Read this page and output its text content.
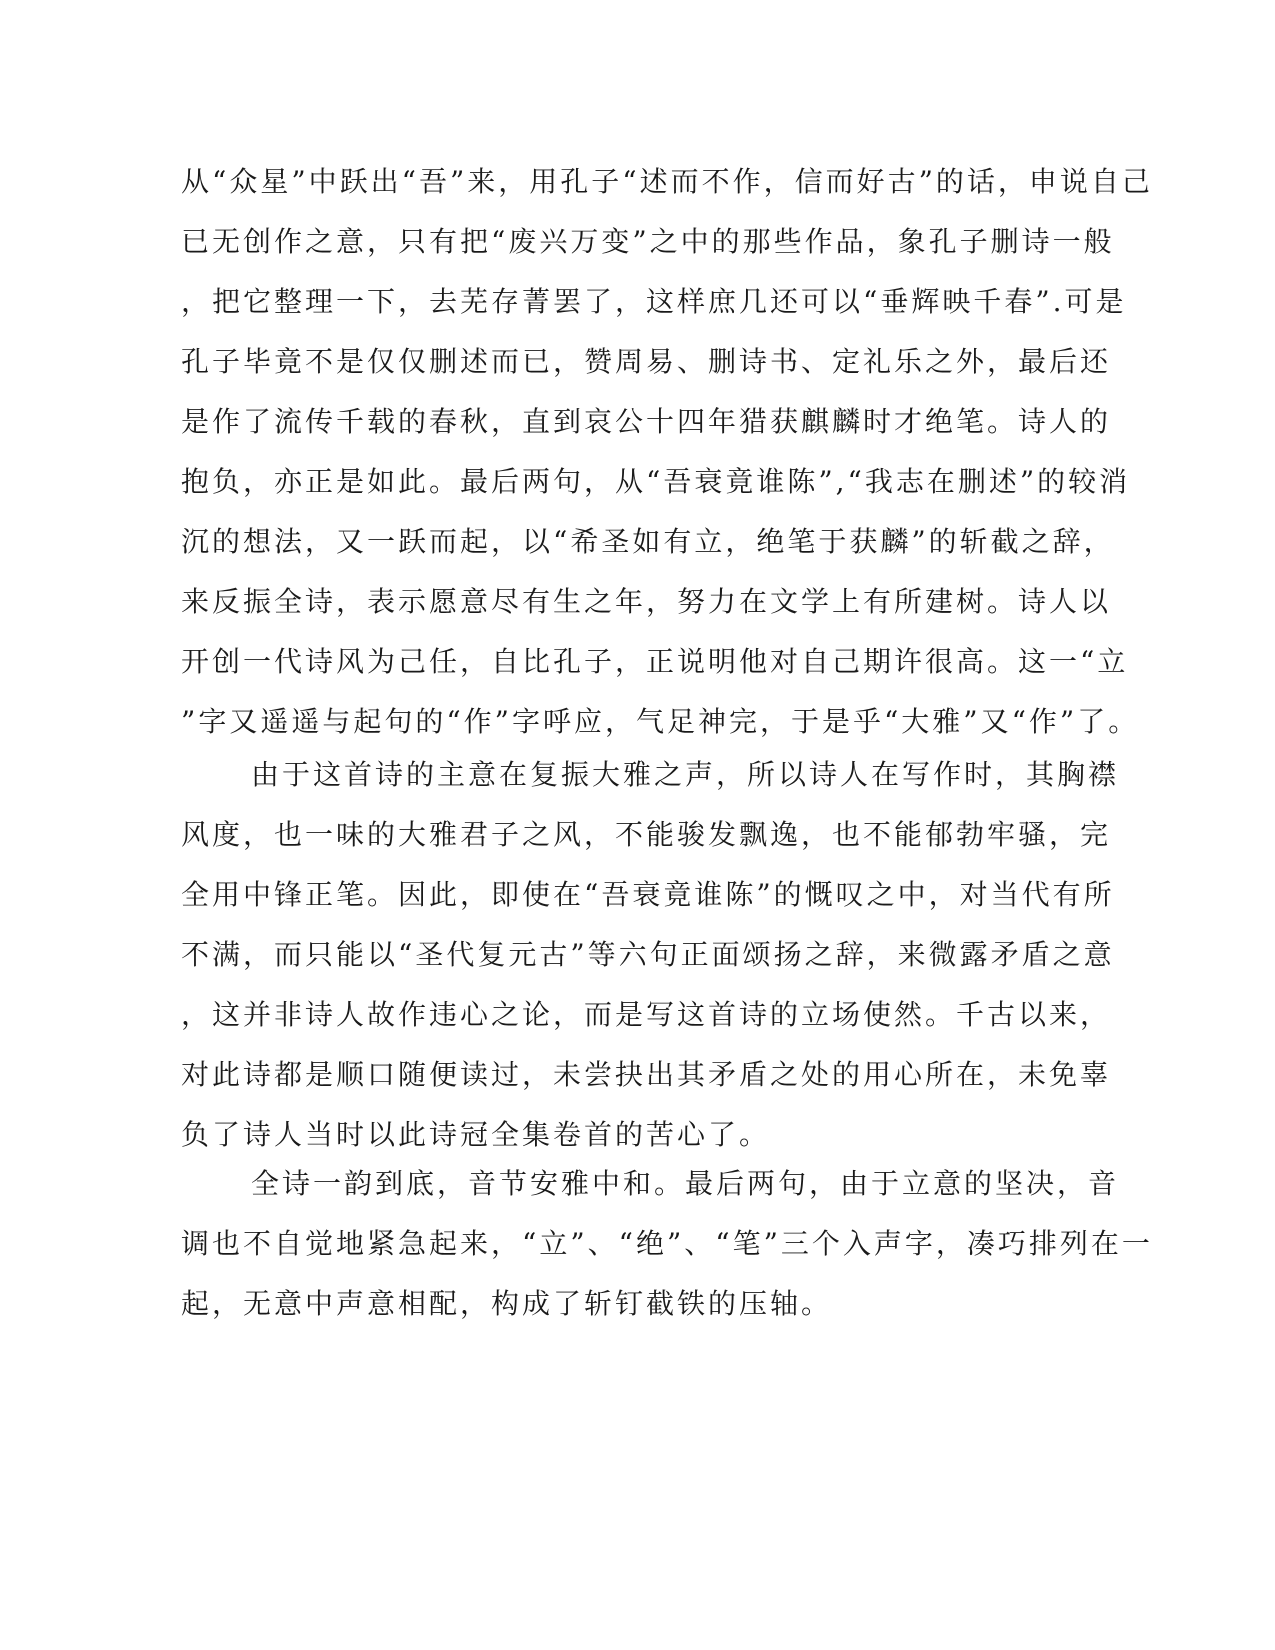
从“众星”中跃出“吾”来，用孔子“述而不作，信而好古”的话，申说自己
已无创作之意，只有把“废兴万变”之中的那些作品，象孔子删诗一般
，把它整理一下，去芜存菁罢了，这样庶几还可以“垂辉映千春”.可是
孔子毕竟不是仅仅删述而已，赞周易、删诗书、定礼乐之外，最后还
是作了流传千载的春秋，直到哀公十四年猎获麒麟时才绝笔。诗人的
抱负，亦正是如此。最后两句，从“吾衰竟谁陈”,“我志在删述”的较消
沉的想法，又一跃而起，以“希圣如有立，绝笔于获麟”的斩截之辞，
来反振全诗，表示愿意尽有生之年，努力在文学上有所建树。诗人以
开创一代诗风为己任，自比孔子，正说明他对自己期许很高。这一“立
”字又遥遥与起句的“作”字呼应，气足神完，于是乎“大雅”又“作”了。
由于这首诗的主意在复振大雅之声，所以诗人在写作时，其胸襟
风度，也一味的大雅君子之风，不能骏发飘逸，也不能郁勃牢骚，完
全用中锋正笔。因此，即使在“吾衰竟谁陈”的慨叹之中，对当代有所
不满，而只能以“圣代复元古”等六句正面颂扬之辞，来微露矛盾之意
，这并非诗人故作违心之论，而是写这首诗的立场使然。千古以来，
对此诗都是顺口随便读过，未尝抉出其矛盾之处的用心所在，未免辜
负了诗人当时以此诗冠全集卷首的苦心了。
全诗一韵到底，音节安雅中和。最后两句，由于立意的坚决，音
调也不自觉地紧急起来，“立”、“绝”、“笔”三个入声字，凑巧排列在一
起，无意中声意相配，构成了斩钉截铁的压轴。
